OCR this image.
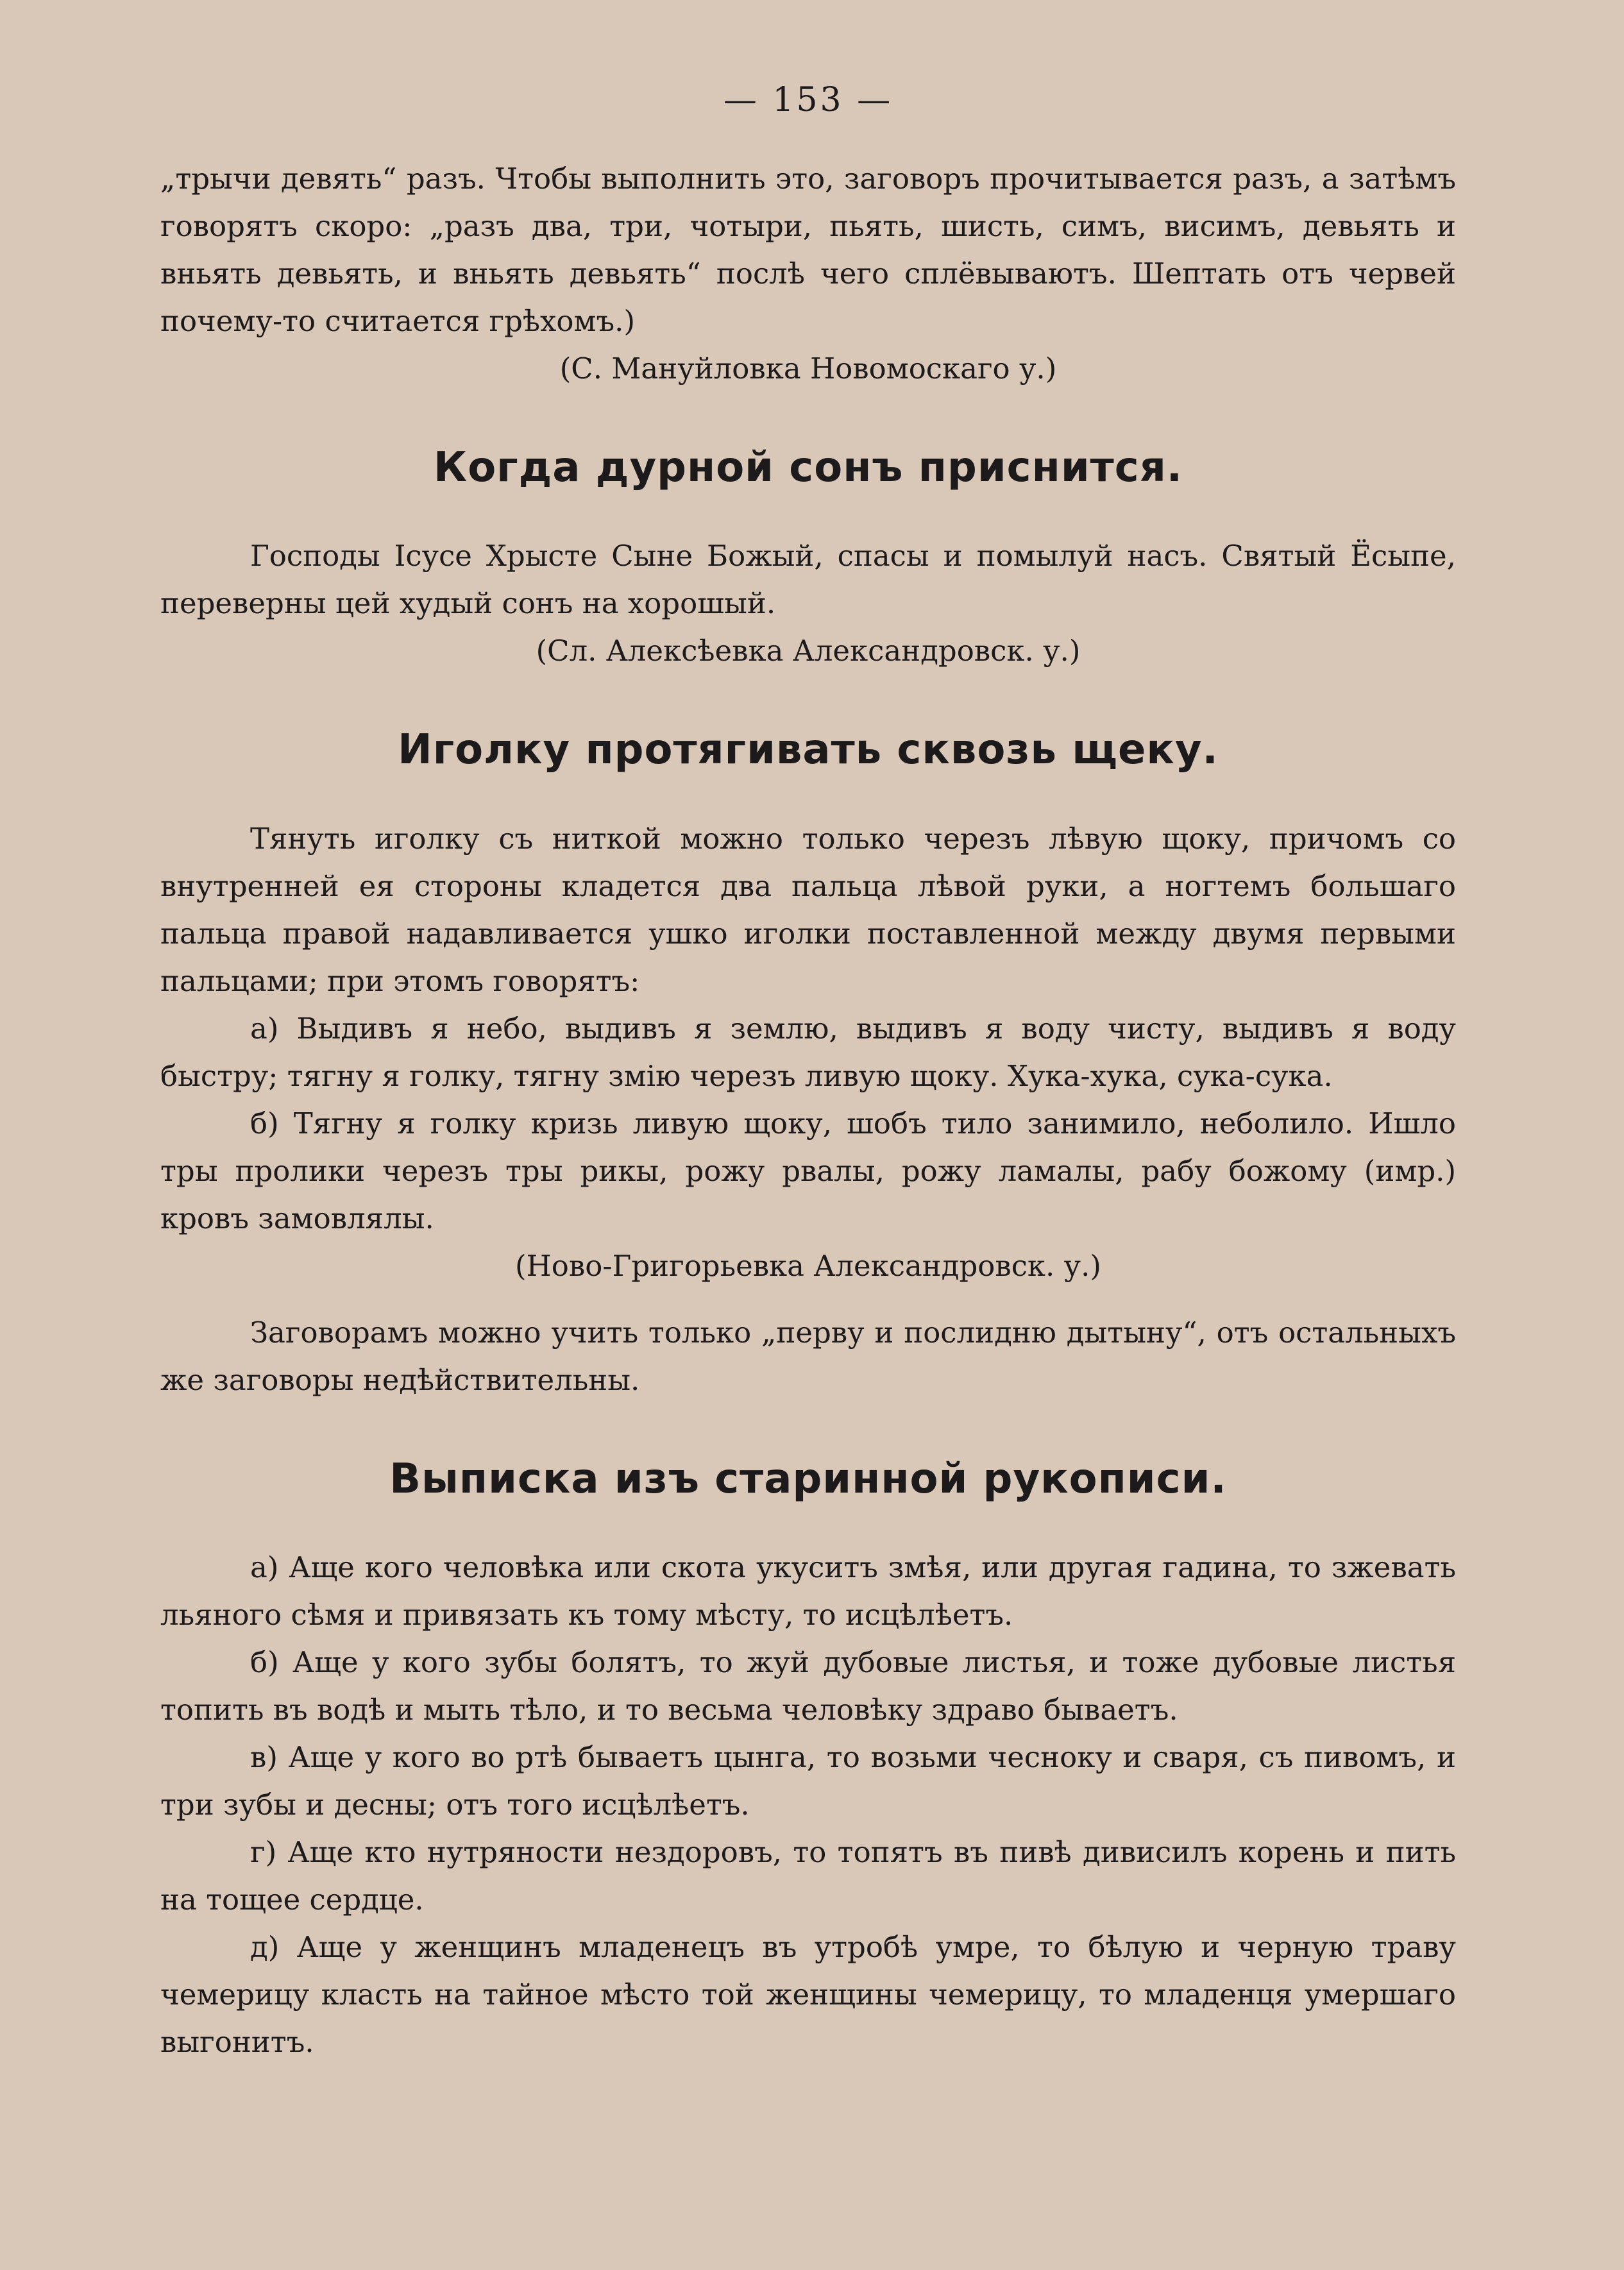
— 153 —

„трычи девять“ разъ. Чтобы выполнить это, заговоръ прочитывается разъ, а затѣмъ говорятъ скоро: „разъ два, три, чотыри, пьять, шисть, симъ, висимъ, девьять и вньять девьять, и вньять девьять“ послѣ чего сплёвываютъ. Шептать отъ червей почему-то считается грѣхомъ.)

(С. Мануйловка Новомоскаго у.)

Когда дурной сонъ приснится.

Господы Iсусе Хрысте Сыне Божый, спасы и помылуй насъ. Святый Ёсыпе, переверны цей худый сонъ на хорошый.

(Сл. Алексѣевка Александровск. у.)

Иголку протягивать сквозь щеку.

Тянуть иголку съ ниткой можно только черезъ лѣвую щоку, причомъ со внутренней ея стороны кладется два пальца лѣвой руки, а ногтемъ большаго пальца правой надавливается ушко иголки поставленной между двумя первыми пальцами; при этомъ говорятъ:

а) Выдивъ я небо, выдивъ я землю, выдивъ я воду чисту, выдивъ я воду быстру; тягну я голку, тягну змію черезъ ливую щоку. Хука-хука, сука-сука.

б) Тягну я голку кризь ливую щоку, шобъ тило занимило, неболило. Ишло тры пролики черезъ тры рикы, рожу рвалы, рожу ламалы, рабу божому (имр.) кровъ замовлялы.

(Ново-Григорьевка Александровск. у.)

Заговорамъ можно учить только „перву и послидню дытыну“, отъ остальныхъ же заговоры недѣйствительны.

Выписка изъ старинной рукописи.

а) Аще кого человѣка или скота укуситъ змѣя, или другая гадина, то зжевать льяного сѣмя и привязать къ тому мѣсту, то исцѣлѣетъ.

б) Аще у кого зубы болятъ, то жуй дубовые листья, и тоже дубовые листья топить въ водѣ и мыть тѣло, и то весьма человѣку здраво бываетъ.

в) Аще у кого во ртѣ бываетъ цынга, то возьми чесноку и сваря, съ пивомъ, и три зубы и десны; отъ того исцѣлѣетъ.

г) Аще кто нутряности нездоровъ, то топятъ въ пивѣ дивисилъ корень и пить на тощее сердце.

д) Аще у женщинъ младенецъ въ утробѣ умре, то бѣлую и черную траву чемерицу класть на тайное мѣсто той женщины чемерицу, то младенця умершаго выгонитъ.
